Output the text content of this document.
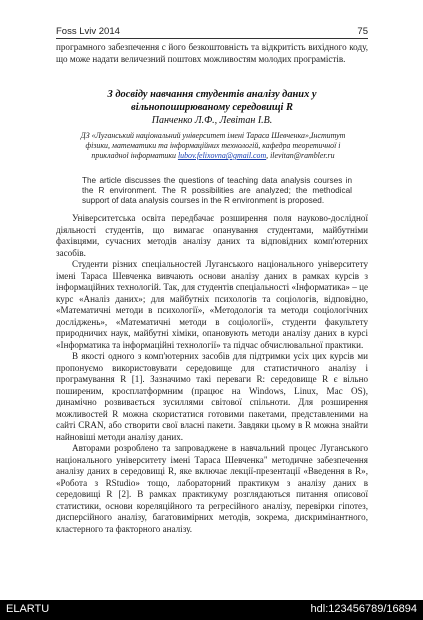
Foss Lviv 2014	75

програмного забезпечення с його безкоштовність та відкритість вихідного коду, що може надати величезний поштовх можливостям молодих програмістів.

З досвіду навчання студентів аналізу даних у
вільнопоширюваному середовищі R
Панченко Л.Ф., Левітан І.В.
ДЗ «Луганський національний університет імені Тараса Шевченка»,Інститут
фізики, математики та інформаційних технологій, кафедра теоретичної і
прикладної інформатики lubov.felixovna@gmail.com, ilevitan@rambler.ru
The article discusses the questions of teaching data analysis courses in the R environment. The R possibilities are analyzed; the methodical support of data analysis courses in the R environment is proposed.

Університетська освіта передбачає розширення поля науково-дослідної діяльності студентів, що вимагає опанування студентами, майбутніми фахівцями, сучасних методів аналізу даних та відповідних комп'ютерних засобів.

Студенти різних спеціальностей Луганського національного університету імені Тараса Шевченка вивчають основи аналізу даних в рамках курсів з інформаційних технологій. Так, для студентів спеціальності «Інформатика» – це курс «Аналіз даних»; для майбутніх психологів та соціологів, відповідно, «Математичні методи в психології», «Методологія та методи соціологічних досліджень», «Математичні методи в соціології», студенти факультету природничих наук, майбутні хіміки, опановують методи аналізу даних в курсі «Інформатика та інформаційні технології» та підчас обчислювальної практики.

В якості одного з комп'ютерних засобів для підтримки усіх цих курсів ми пропонуємо використовувати середовище для статистичного аналізу і програмування R [1]. Зазначимо такі переваги R: середовище R є вільно поширеним, кросплатформним (працює на Windows, Linux, Mac OS), динамічно розвивається зусиллями світової спільноти. Для розширення можливостей R можна скористатися готовими пакетами, представленими на сайті CRAN, або створити свої власні пакети. Завдяки цьому в R можна знайти найновіші методи аналізу даних.

Авторами розроблено та запроваджене в навчальний процес Луганського національного університету імені Тараса Шевченка" методичне забезпечення аналізу даних в середовищі R, яке включає лекції-презентації «Введення в R», «Робота з RStudio» тощо, лабораторний практикум з аналізу даних в середовищі R [2]. В рамках практикуму розглядаються питання описової статистики, основи кореляційного та регресійного аналізу, перевірки гіпотез, дисперсійного аналізу, багатовимірних методів, зокрема, дискримінантного, кластерного та факторного аналізу.

ELARTU	hdl:123456789/16894
